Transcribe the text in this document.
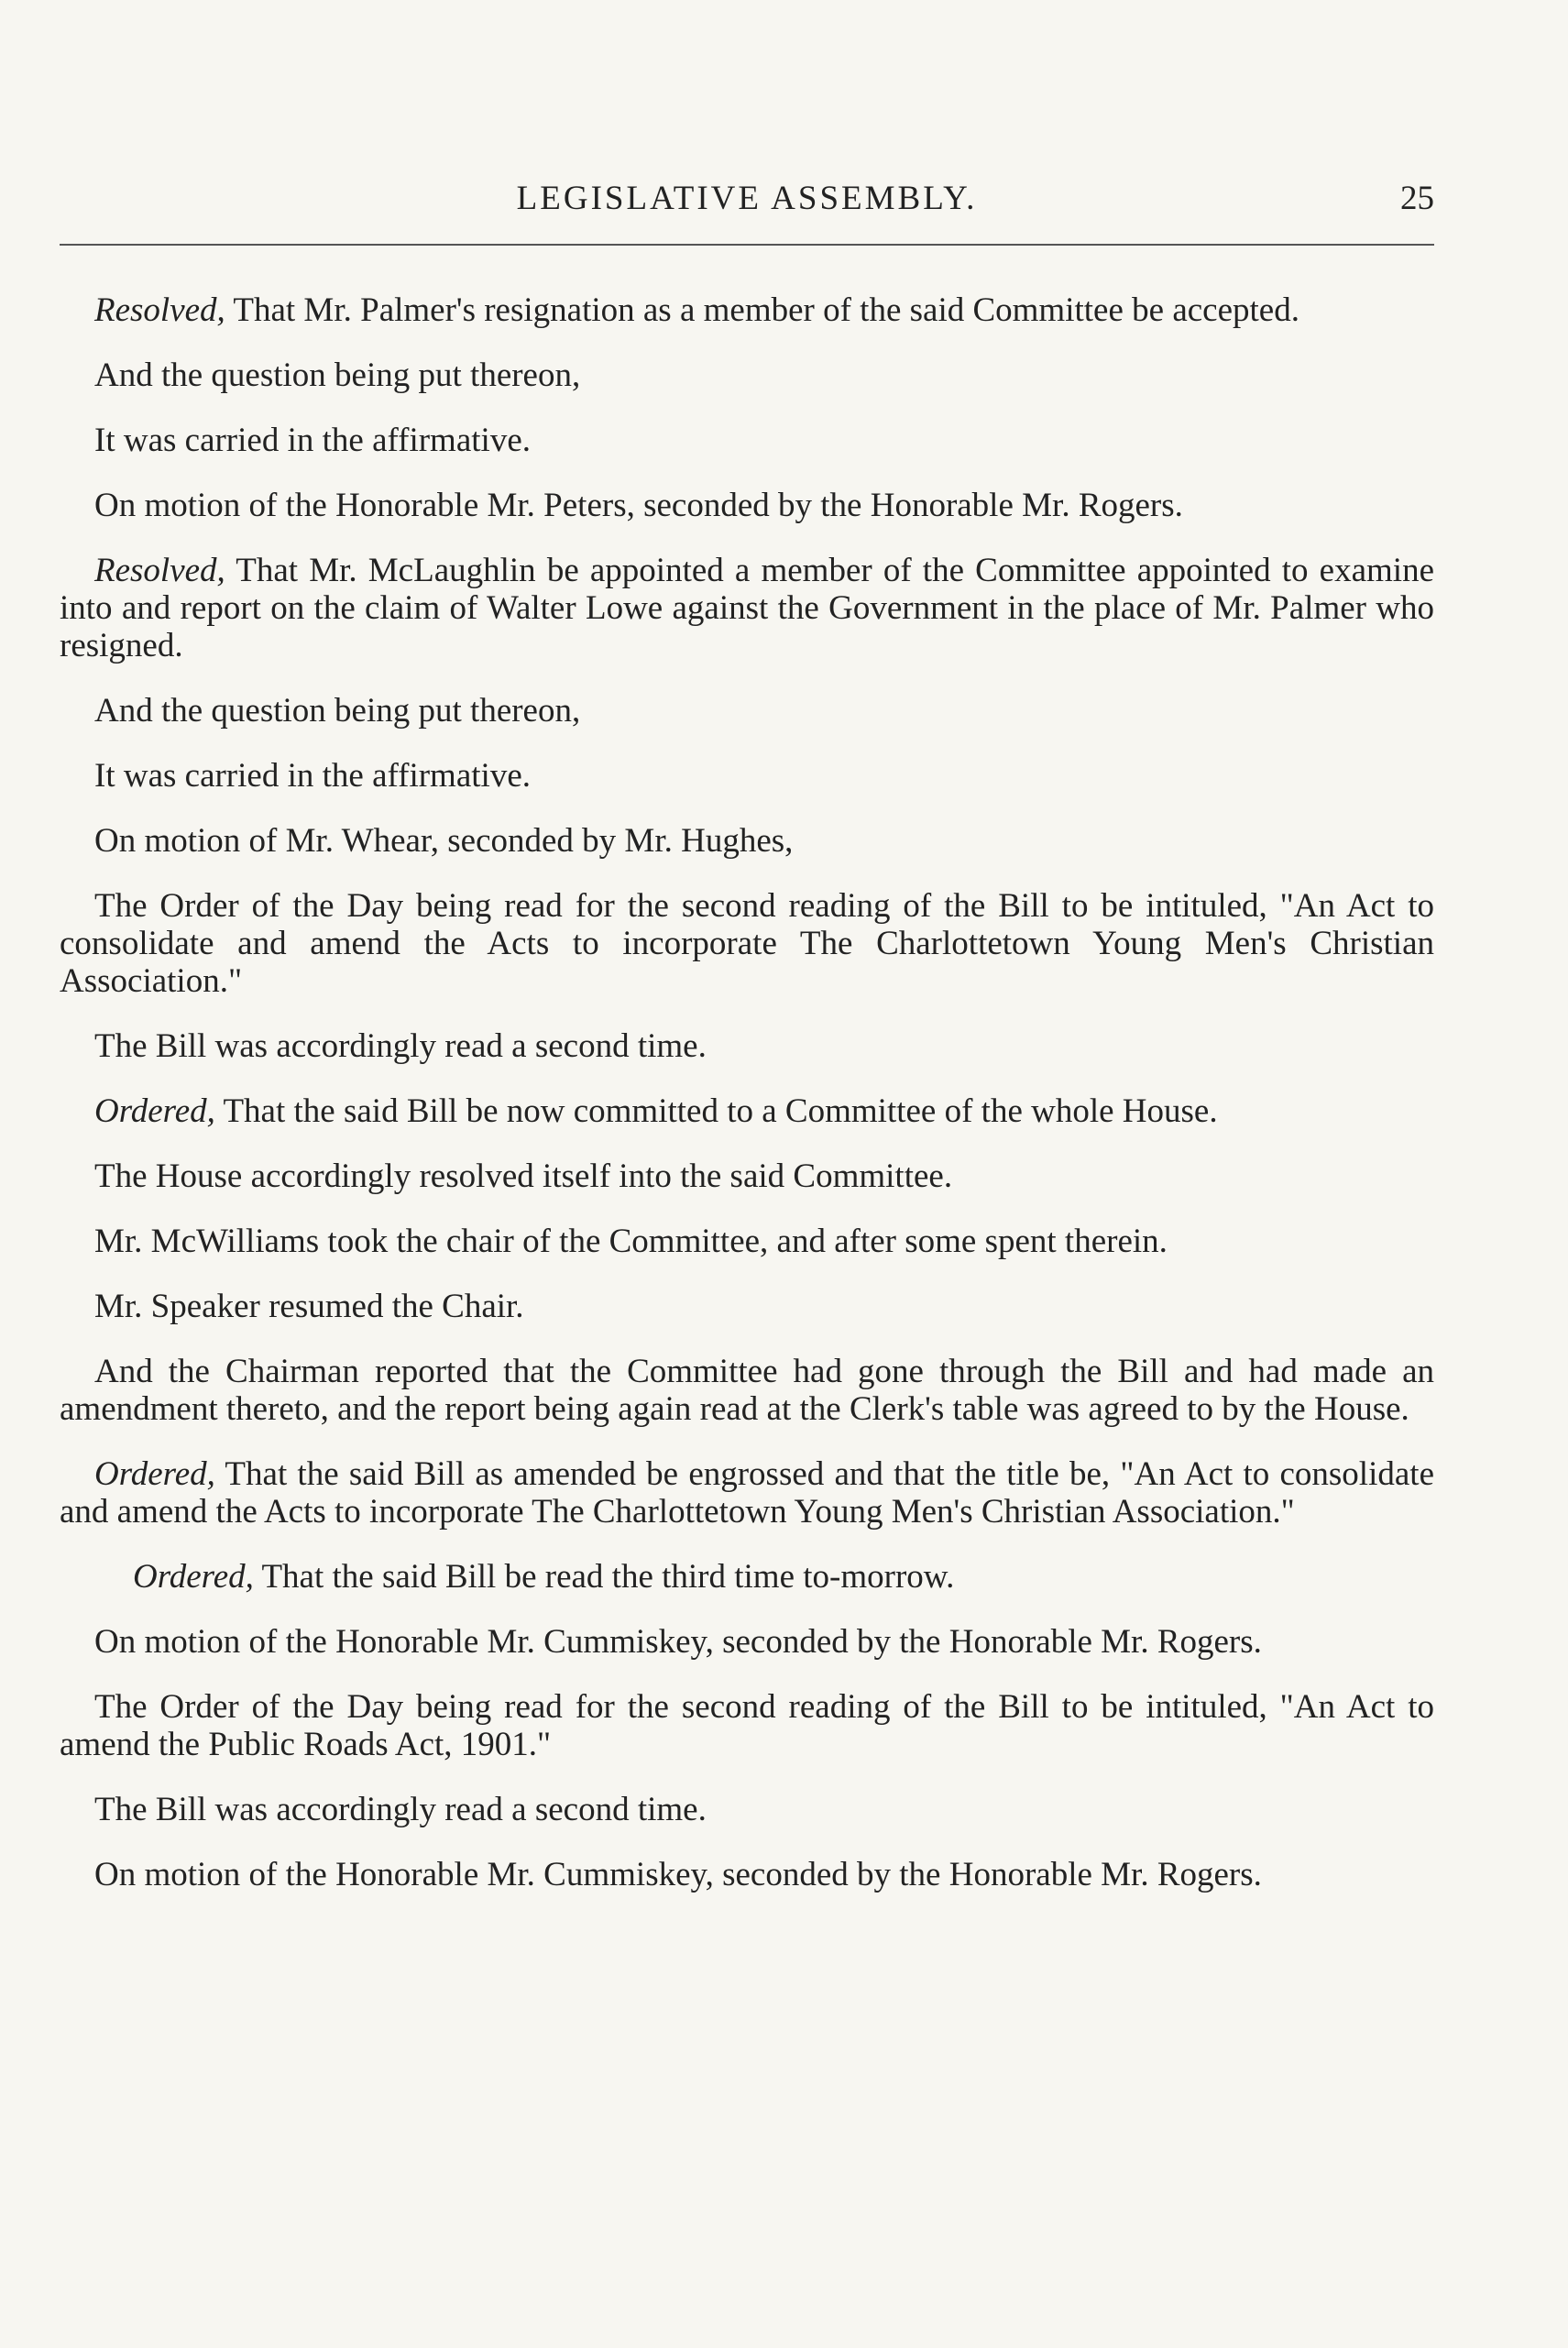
LEGISLATIVE ASSEMBLY.	25

Resolved, That Mr. Palmer's resignation as a member of the said Committee be accepted.

And the question being put thereon,

It was carried in the affirmative.

On motion of the Honorable Mr. Peters, seconded by the Honorable Mr. Rogers.

Resolved, That Mr. McLaughlin be appointed a member of the Committee appointed to examine into and report on the claim of Walter Lowe against the Government in the place of Mr. Palmer who resigned.

And the question being put thereon,

It was carried in the affirmative.

On motion of Mr. Whear, seconded by Mr. Hughes,

The Order of the Day being read for the second reading of the Bill to be intituled, "An Act to consolidate and amend the Acts to incorporate The Charlottetown Young Men's Christian Association."

The Bill was accordingly read a second time.

Ordered, That the said Bill be now committed to a Committee of the whole House.

The House accordingly resolved itself into the said Committee.

Mr. McWilliams took the chair of the Committee, and after some spent therein.

Mr. Speaker resumed the Chair.

And the Chairman reported that the Committee had gone through the Bill and had made an amendment thereto, and the report being again read at the Clerk's table was agreed to by the House.

Ordered, That the said Bill as amended be engrossed and that the title be, "An Act to consolidate and amend the Acts to incorporate The Charlottetown Young Men's Christian Association."

Ordered, That the said Bill be read the third time to-morrow.

On motion of the Honorable Mr. Cummiskey, seconded by the Honorable Mr. Rogers.

The Order of the Day being read for the second reading of the Bill to be intituled, "An Act to amend the Public Roads Act, 1901."

The Bill was accordingly read a second time.

On motion of the Honorable Mr. Cummiskey, seconded by the Honorable Mr. Rogers.
